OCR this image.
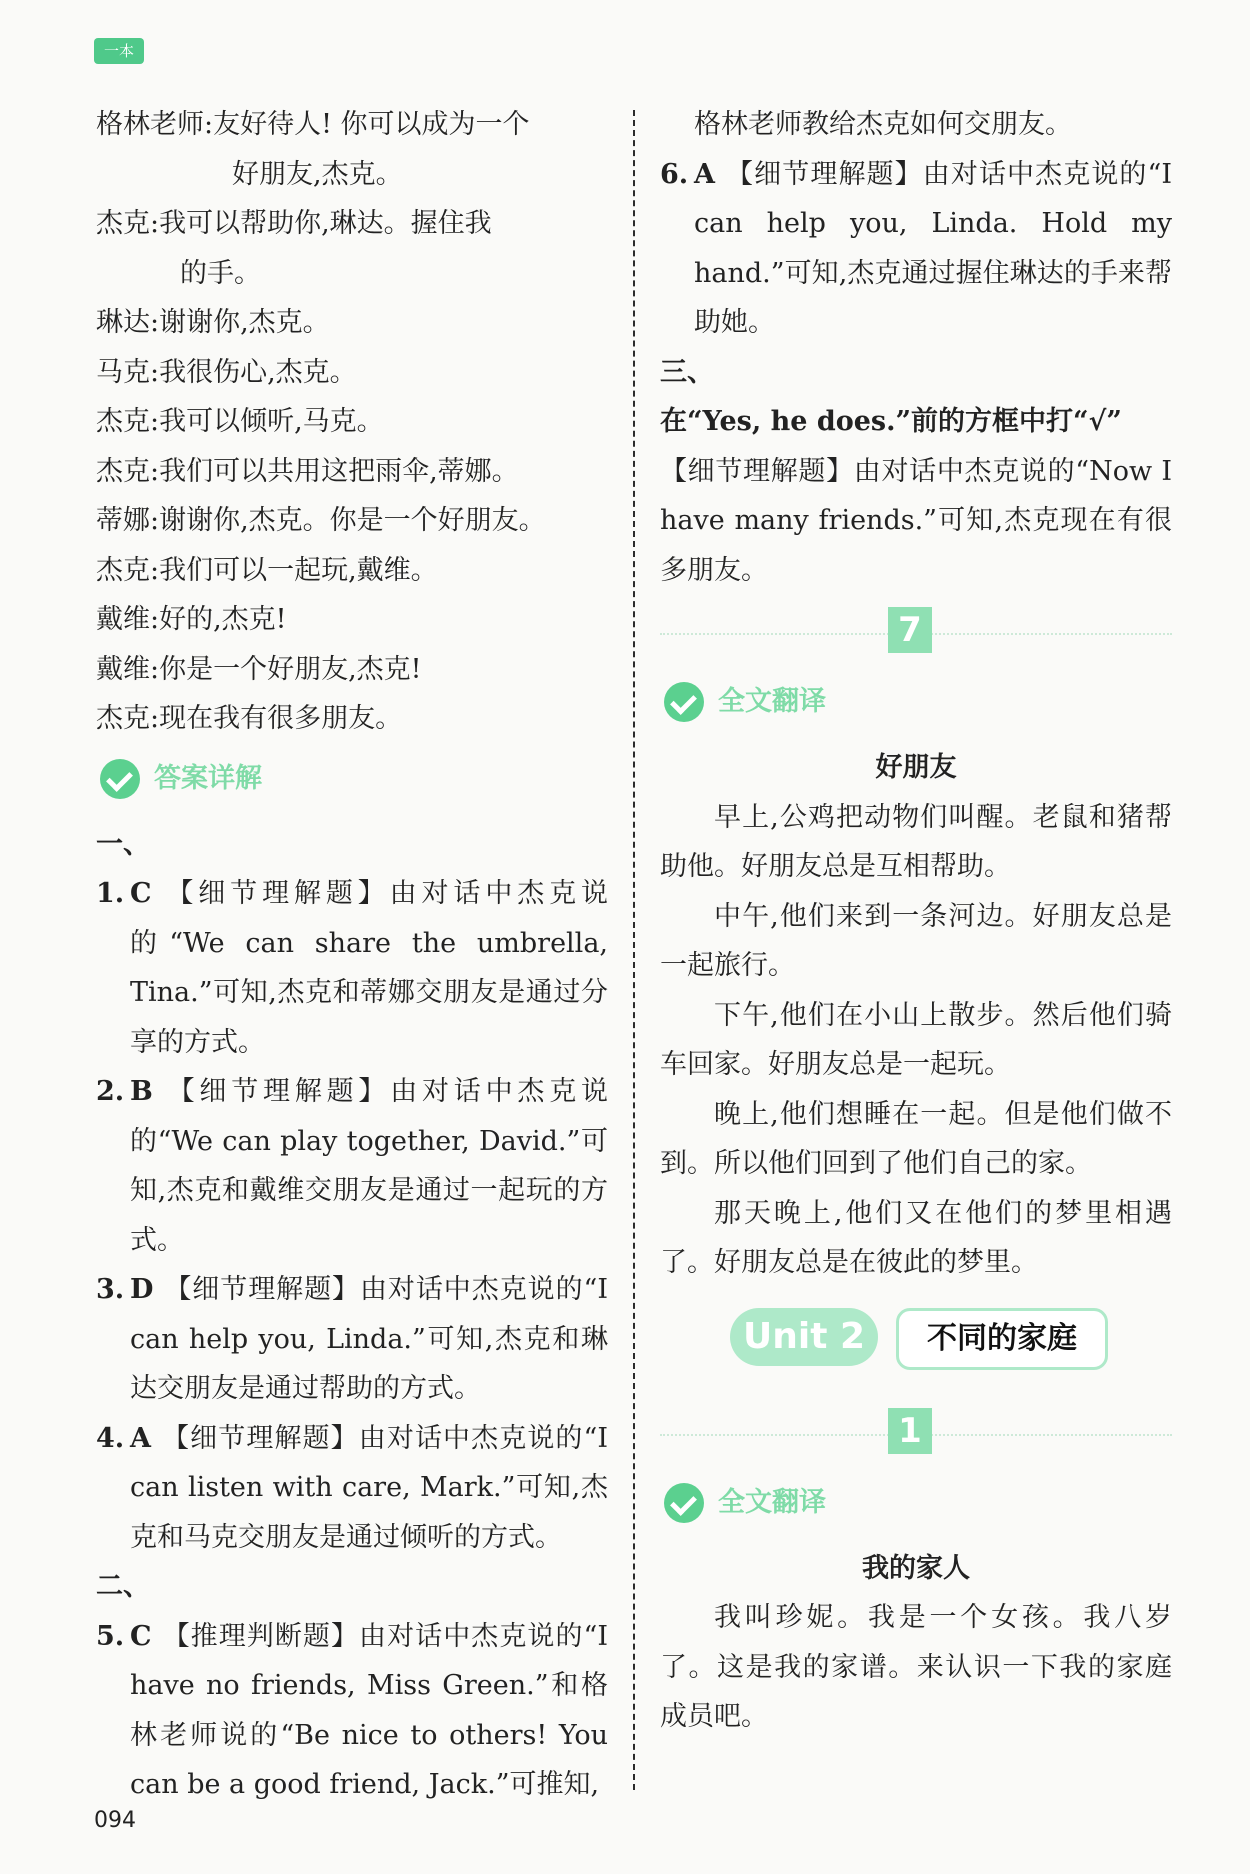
一本
格林老师:友好待人! 你可以成为一个
好朋友,杰克。
杰克:我可以帮助你,琳达。握住我
的手。
琳达:谢谢你,杰克。
马克:我很伤心,杰克。
杰克:我可以倾听,马克。
杰克:我们可以共用这把雨伞,蒂娜。
蒂娜:谢谢你,杰克。你是一个好朋友。
杰克:我们可以一起玩,戴维。
戴维:好的,杰克!
戴维:你是一个好朋友,杰克!
杰克:现在我有很多朋友。
答案详解
一、
1. C 【细节理解题】由对话中杰克说的“We can share the umbrella, Tina.”可知,杰克和蒂娜交朋友是通过分享的方式。
2. B 【细节理解题】由对话中杰克说的“We can play together, David.”可知,杰克和戴维交朋友是通过一起玩的方式。
3. D 【细节理解题】由对话中杰克说的“I can help you, Linda.”可知,杰克和琳达交朋友是通过帮助的方式。
4. A 【细节理解题】由对话中杰克说的“I can listen with care, Mark.”可知,杰克和马克交朋友是通过倾听的方式。
二、
5. C 【推理判断题】由对话中杰克说的“I have no friends, Miss Green.”和格林老师说的“Be nice to others! You can be a good friend, Jack.”可推知,
格林老师教给杰克如何交朋友。
6. A 【细节理解题】由对话中杰克说的“I can help you, Linda. Hold my hand.”可知,杰克通过握住琳达的手来帮助她。
三、
在“Yes, he does.”前的方框中打“√”
【细节理解题】由对话中杰克说的“Now I have many friends.”可知,杰克现在有很多朋友。
7
全文翻译
好朋友
早上,公鸡把动物们叫醒。老鼠和猪帮助他。好朋友总是互相帮助。
中午,他们来到一条河边。好朋友总是一起旅行。
下午,他们在小山上散步。然后他们骑车回家。好朋友总是一起玩。
晚上,他们想睡在一起。但是他们做不到。所以他们回到了他们自己的家。
那天晚上,他们又在他们的梦里相遇了。好朋友总是在彼此的梦里。
Unit 2	不同的家庭
1
全文翻译
我的家人
我叫珍妮。我是一个女孩。我八岁了。这是我的家谱。来认识一下我的家庭成员吧。
094
